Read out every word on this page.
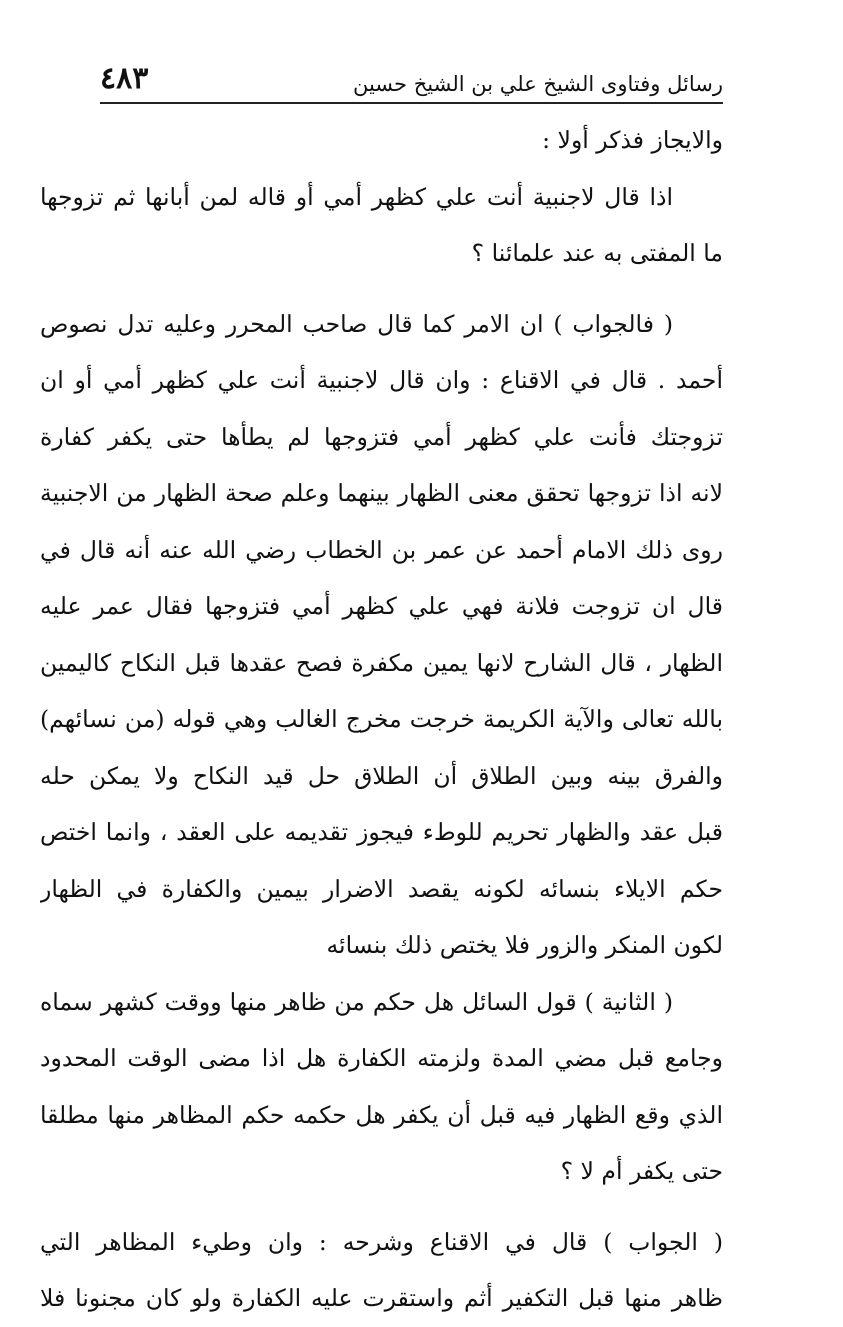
رسائل وفتاوى الشيخ علي بن الشيخ حسين
٤٨٣
والايجاز فذكر أولا :
اذا قال لاجنبية أنت علي كظهر أمي أو قاله لمن أبانها ثم تزوجها
ما المفتى به عند علمائنا ؟
( فالجواب ) ان الامر كما قال صاحب المحرر وعليه تدل نصوص
أحمد . قال في الاقناع : وان قال لاجنبية أنت علي كظهر أمي أو ان
تزوجتك فأنت علي كظهر أمي فتزوجها لم يطأها حتى يكفر كفارة
لانه اذا تزوجها تحقق معنى الظهار بينهما وعلم صحة الظهار من الاجنبية
روى ذلك الامام أحمد عن عمر بن الخطاب رضي الله عنه أنه قال في
قال ان تزوجت فلانة فهي علي كظهر أمي فتزوجها فقال عمر عليه
الظهار ، قال الشارح لانها يمين مكفرة فصح عقدها قبل النكاح كاليمين
بالله تعالى والآية الكريمة خرجت مخرج الغالب وهي قوله (من نسائهم)
والفرق بينه وبين الطلاق أن الطلاق حل قيد النكاح ولا يمكن حله
قبل عقد والظهار تحريم للوطء فيجوز تقديمه على العقد ، وانما اختص
حكم الايلاء بنسائه لكونه يقصد الاضرار بيمين والكفارة في الظهار
لكون المنكر والزور فلا يختص ذلك بنسائه
( الثانية ) قول السائل هل حكم من ظاهر منها ووقت كشهر سماه
وجامع قبل مضي المدة ولزمته الكفارة هل اذا مضى الوقت المحدود
الذي وقع الظهار فيه قبل أن يكفر هل حكمه حكم المظاهر منها مطلقا
حتى يكفر أم لا ؟
( الجواب ) قال في الاقناع وشرحه : وان وطيء المظاهر التي
ظاهر منها قبل التكفير أثم واستقرت عليه الكفارة ولو كان مجنونا فلا
